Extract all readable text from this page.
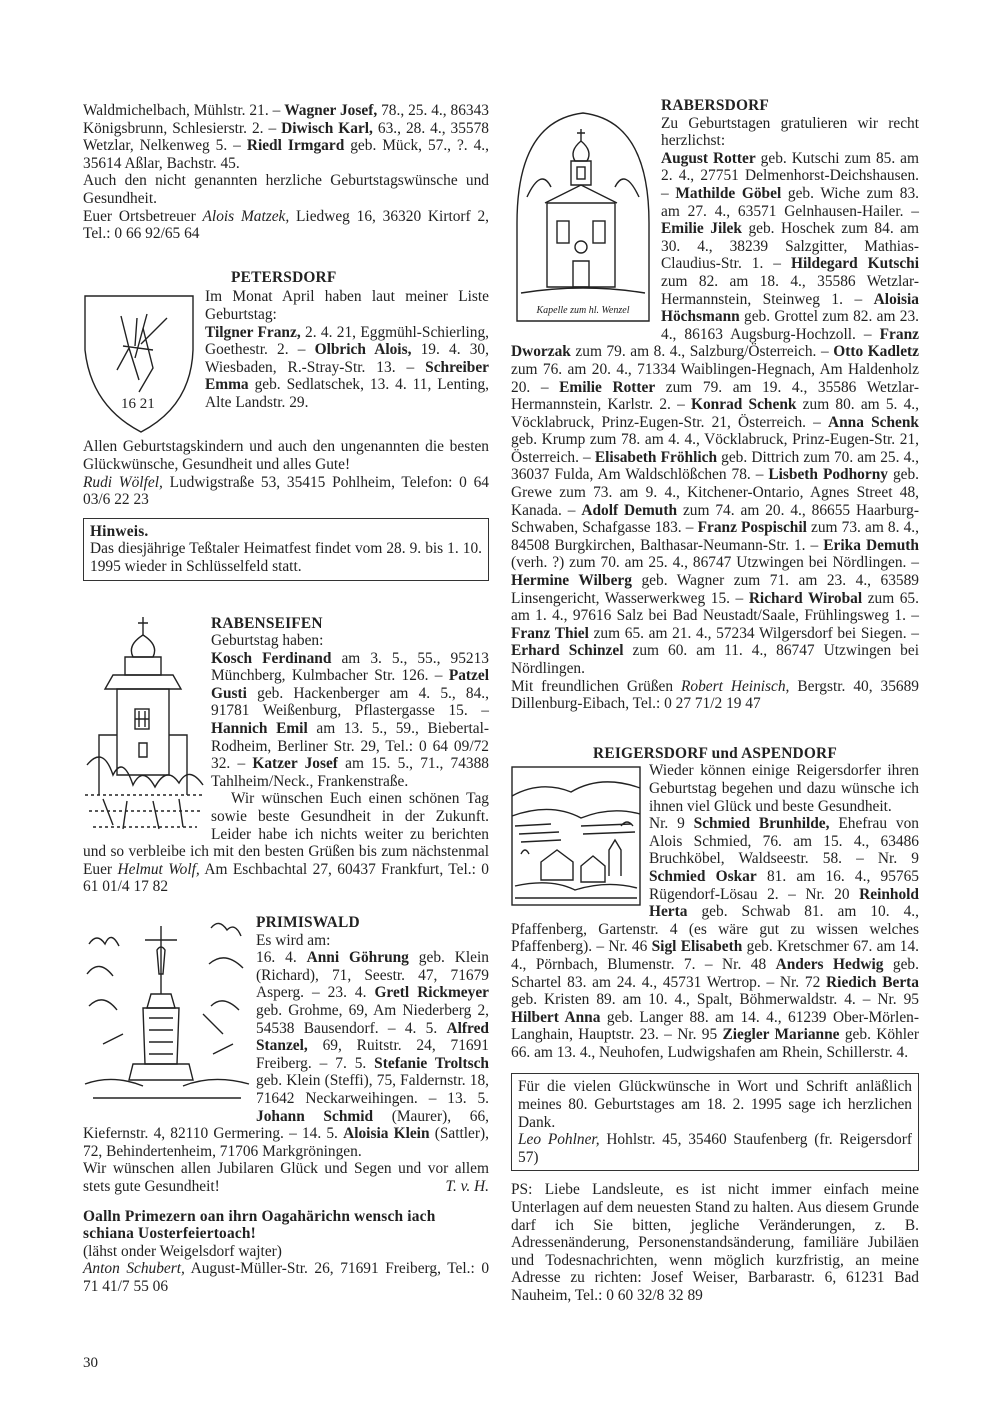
Waldmichelbach, Mühlstr. 21. – Wagner Josef, 78., 25. 4., 86343 Königsbrunn, Schlesierstr. 2. – Diwisch Karl, 63., 28. 4., 35578 Wetzlar, Nelkenweg 5. – Riedl Irmgard geb. Mück, 57., ?. 4., 35614 Aßlar, Bachstr. 45.

Auch den nicht genannten herzliche Geburtstagswünsche und Gesundheit.

Euer Ortsbetreuer Alois Matzek, Liedweg 16, 36320 Kirtorf 2, Tel.: 0 66 92/65 64

PETERSDORF

16 21

Im Monat April haben laut meiner Liste Geburtstag:

Tilgner Franz, 2. 4. 21, Eggmühl-Schierling, Goethestr. 2. – Olbrich Alois, 19. 4. 30, Wiesbaden, R.-Stray-Str. 13. – Schreiber Emma geb. Sedlatschek, 13. 4. 11, Lenting, Alte Landstr. 29.

Allen Geburtstagskindern und auch den ungenannten die besten Glückwünsche, Gesundheit und alles Gute!

Rudi Wölfel, Ludwigstraße 53, 35415 Pohlheim, Telefon: 0 64 03/6 22 23

Hinweis.

Das diesjährige Teßtaler Heimatfest findet vom 28. 9. bis 1. 10. 1995 wieder in Schlüsselfeld statt.

RABENSEIFEN

Geburtstag haben:

Kosch Ferdinand am 3. 5., 55., 95213 Münchberg, Kulmbacher Str. 126. – Patzel Gusti geb. Hackenberger am 4. 5., 84., 91781 Weißenburg, Pflastergasse 15. – Hannich Emil am 13. 5., 59., Biebertal-Rodheim, Berliner Str. 29, Tel.: 0 64 09/72 32. – Katzer Josef am 15. 5., 71., 74388 Tahlheim/Neck., Frankenstraße.

Wir wünschen Euch einen schönen Tag sowie beste Gesundheit in der Zukunft. Leider habe ich nichts weiter zu berichten und so verbleibe ich mit den besten Grüßen bis zum nächstenmal Euer Helmut Wolf, Am Eschbachtal 27, 60437 Frankfurt, Tel.: 0 61 01/4 17 82

PRIMISWALD

Es wird am:

16. 4. Anni Göhrung geb. Klein (Richard), 71, Seestr. 47, 71679 Asperg. – 23. 4. Gretl Rickmeyer geb. Grohme, 69, Am Niederberg 2, 54538 Bausendorf. – 4. 5. Alfred Stanzel, 69, Ruitstr. 24, 71691 Freiberg. – 7. 5. Stefanie Troltsch geb. Klein (Steffi), 75, Faldernstr. 18, 71642 Neckarweihingen. – 13. 5. Johann Schmid (Maurer), 66, Kiefernstr. 4, 82110 Germering. – 14. 5. Aloisia Klein (Sattler), 72, Behindertenheim, 71706 Markgröningen.

Wir wünschen allen Jubilaren Glück und Segen und vor allem stets gute Gesundheit!	T. v. H.

Oalln Primezern oan ihrn Oagahärichn wensch iach schiana Uosterfeiertoach!

(lähst onder Weigelsdorf wajter)

Anton Schubert, August-Müller-Str. 26, 71691 Freiberg, Tel.: 0 71 41/7 55 06

Kapelle zum hl. Wenzel

RABERSDORF

Zu Geburtstagen gratulieren wir recht herzlichst:

August Rotter geb. Kutschi zum 85. am 2. 4., 27751 Delmenhorst-Deichshausen. – Mathilde Göbel geb. Wiche zum 83. am 27. 4., 63571 Gelnhausen-Hailer. – Emilie Jilek geb. Hoschek zum 84. am 30. 4., 38239 Salzgitter, Mathias-Claudius-Str. 1. – Hildegard Kutschi zum 82. am 18. 4., 35586 Wetzlar-Hermannstein, Steinweg 1. – Aloisia Höchsmann geb. Grottel zum 82. am 23. 4., 86163 Augsburg-Hochzoll. – Franz Dworzak zum 79. am 8. 4., Salzburg/Österreich. – Otto Kadletz zum 76. am 20. 4., 71334 Waiblingen-Hegnach, Am Haldenholz 20. – Emilie Rotter zum 79. am 19. 4., 35586 Wetzlar-Hermannstein, Karlstr. 2. – Konrad Schenk zum 80. am 5. 4., Vöcklabruck, Prinz-Eugen-Str. 21, Österreich. – Anna Schenk geb. Krump zum 78. am 4. 4., Vöcklabruck, Prinz-Eugen-Str. 21, Österreich. – Elisabeth Fröhlich geb. Dittrich zum 70. am 25. 4., 36037 Fulda, Am Waldschlößchen 78. – Lisbeth Podhorny geb. Grewe zum 73. am 9. 4., Kitchener-Ontario, Agnes Street 48, Kanada. – Adolf Demuth zum 74. am 20. 4., 86655 Haarburg-Schwaben, Schafgasse 183. – Franz Pospischil zum 73. am 8. 4., 84508 Burgkirchen, Balthasar-Neumann-Str. 1. – Erika Demuth (verh. ?) zum 70. am 25. 4., 86747 Utzwingen bei Nördlingen. – Hermine Wilberg geb. Wagner zum 71. am 23. 4., 63589 Linsengericht, Wasserwerkweg 15. – Richard Wirobal zum 65. am 1. 4., 97616 Salz bei Bad Neustadt/Saale, Frühlingsweg 1. – Franz Thiel zum 65. am 21. 4., 57234 Wilgersdorf bei Siegen. – Erhard Schinzel zum 60. am 11. 4., 86747 Utzwingen bei Nördlingen.

Mit freundlichen Grüßen Robert Heinisch, Bergstr. 40, 35689 Dillenburg-Eibach, Tel.: 0 27 71/2 19 47

REIGERSDORF und ASPENDORF

Wieder können einige Reigersdorfer ihren Geburtstag begehen und dazu wünsche ich ihnen viel Glück und beste Gesundheit.

Nr. 9 Schmied Brunhilde, Ehefrau von Alois Schmied, 76. am 15. 4., 63486 Bruchköbel, Waldseestr. 58. – Nr. 9 Schmied Oskar 81. am 16. 4., 95765 Rügendorf-Lösau 2. – Nr. 20 Reinhold Herta geb. Schwab 81. am 10. 4., Pfaffenberg, Gartenstr. 4 (es wäre gut zu wissen welches Pfaffenberg). – Nr. 46 Sigl Elisabeth geb. Kretschmer 67. am 14. 4., Pörnbach, Blumenstr. 7. – Nr. 48 Anders Hedwig geb. Schartel 83. am 24. 4., 45731 Wertrop. – Nr. 72 Riedich Berta geb. Kristen 89. am 10. 4., Spalt, Böhmerwaldstr. 4. – Nr. 95 Hilbert Anna geb. Langer 88. am 14. 4., 61239 Ober-Mörlen-Langhain, Hauptstr. 23. – Nr. 95 Ziegler Marianne geb. Köhler 66. am 13. 4., Neuhofen, Ludwigshafen am Rhein, Schillerstr. 4.

Für die vielen Glückwünsche in Wort und Schrift anläßlich meines 80. Geburtstages am 18. 2. 1995 sage ich herzlichen Dank.

Leo Pohlner, Hohlstr. 45, 35460 Staufenberg (fr. Reigersdorf 57)

PS: Liebe Landsleute, es ist nicht immer einfach meine Unterlagen auf dem neuesten Stand zu halten. Aus diesem Grunde darf ich Sie bitten, jegliche Veränderungen, z. B. Adressenänderung, Personenstandsänderung, familiäre Jubiläen und Todesnachrichten, wenn möglich kurzfristig, an meine Adresse zu richten: Josef Weiser, Barbarastr. 6, 61231 Bad Nauheim, Tel.: 0 60 32/8 32 89

30
